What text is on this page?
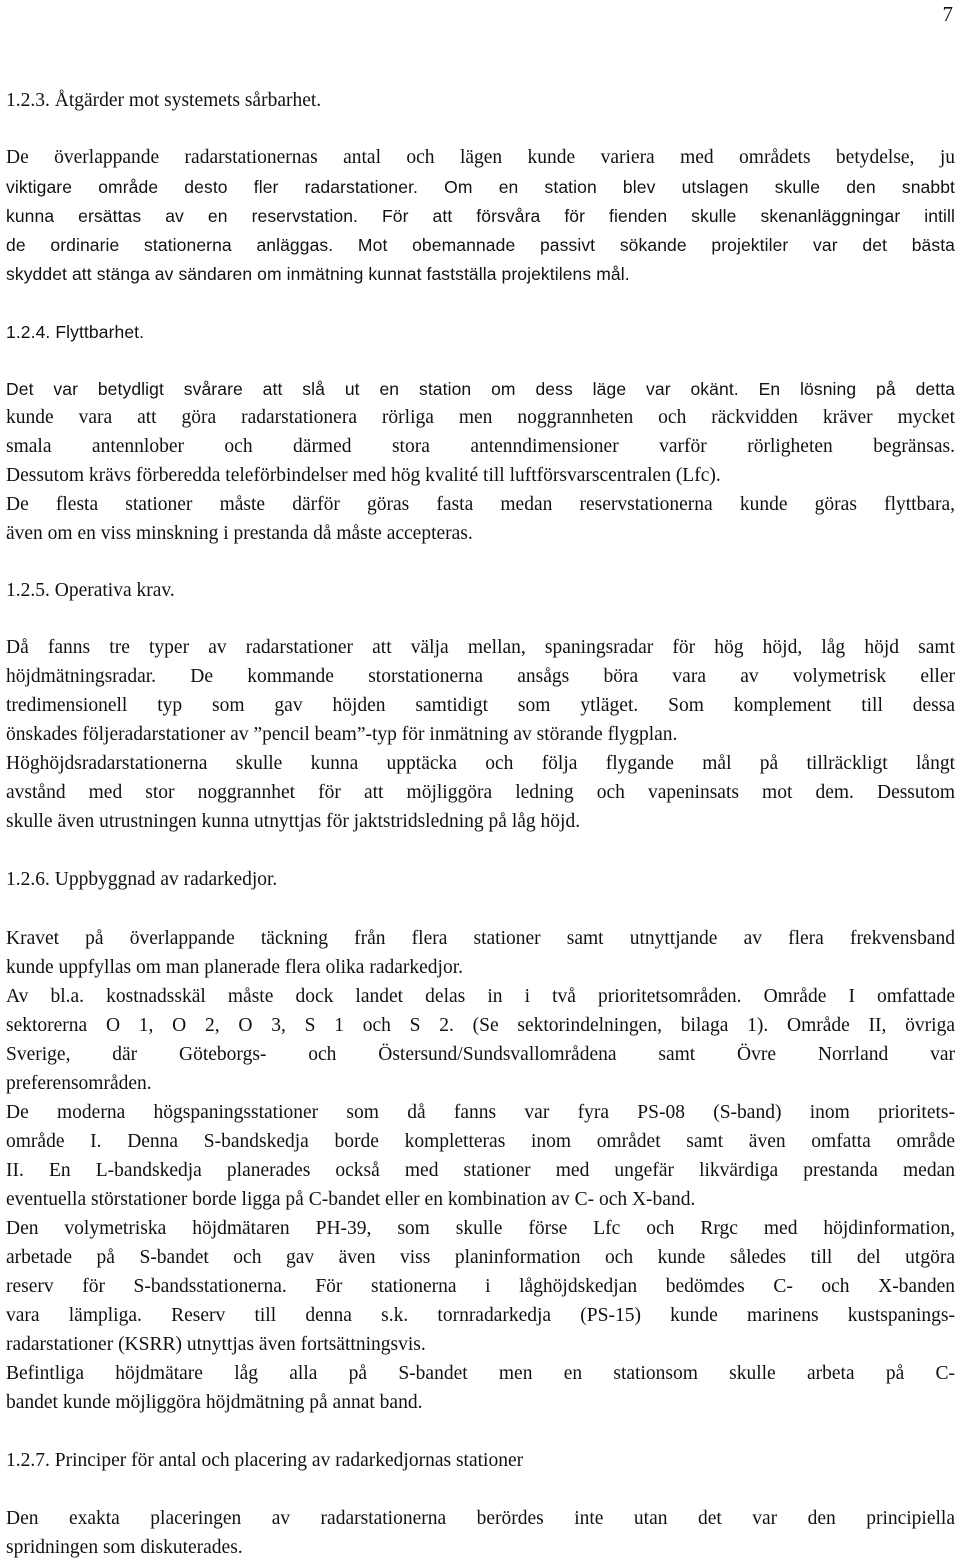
7

1.2.3. Åtgärder mot systemets sårbarhet.

De överlappande radarstationernas antal och lägen kunde variera med områdets betydelse, ju

viktigare område desto fler radarstationer. Om en station blev utslagen skulle den snabbt

kunna ersättas av en reservstation. För att försvåra för fienden skulle skenanläggningar intill

de ordinarie stationerna anläggas. Mot obemannade passivt sökande projektiler var det bästa

skyddet att stänga av sändaren om inmätning kunnat fastställa projektilens mål.

1.2.4. Flyttbarhet.

Det var betydligt svårare att slå ut en station om dess läge var okänt. En lösning på detta

kunde vara att göra radarstationera rörliga men noggrannheten och räckvidden kräver mycket

smala antennlober och därmed stora antenndimensioner varför rörligheten begränsas.

Dessutom krävs förberedda teleförbindelser med hög kvalité till luftförsvarscentralen (Lfc).

De flesta stationer måste därför göras fasta medan reservstationerna kunde göras flyttbara,

även om en viss minskning i prestanda då måste accepteras.

1.2.5. Operativa krav.

Då fanns tre typer av radarstationer att välja mellan, spaningsradar för hög höjd, låg höjd samt

höjdmätningsradar. De kommande storstationerna ansågs böra vara av volymetrisk eller

tredimensionell typ som gav höjden samtidigt som ytläget. Som komplement till dessa

önskades följeradarstationer av ”pencil beam”-typ för inmätning av störande flygplan.

Höghöjdsradarstationerna skulle kunna upptäcka och följa flygande mål på tillräckligt långt

avstånd med stor noggrannhet för att möjliggöra ledning och vapeninsats mot dem. Dessutom

skulle även utrustningen kunna utnyttjas för jaktstridsledning på låg höjd.

1.2.6. Uppbyggnad av radarkedjor.

Kravet på överlappande täckning från flera stationer samt utnyttjande av flera frekvensband

kunde uppfyllas om man planerade flera olika radarkedjor.

Av bl.a. kostnadsskäl måste dock landet delas in i två prioritetsområden. Område I omfattade

sektorerna O 1, O 2, O 3, S 1 och S 2. (Se sektorindelningen, bilaga 1). Område II, övriga

Sverige, där Göteborgs- och Östersund/Sundsvallområdena samt Övre Norrland var

preferensområden.

De moderna högspaningsstationer som då fanns var fyra PS-08 (S-band) inom prioritets-

område I. Denna S-bandskedja borde kompletteras inom området samt även omfatta område

II. En L-bandskedja planerades också med stationer med ungefär likvärdiga prestanda medan

eventuella störstationer borde ligga på C-bandet eller en kombination av C- och X-band.

Den volymetriska höjdmätaren PH-39, som skulle förse Lfc och Rrgc med höjdinformation,

arbetade på S-bandet och gav även viss planinformation och kunde således till del utgöra

reserv för S-bandsstationerna. För stationerna i låghöjdskedjan bedömdes C- och X-banden

vara lämpliga. Reserv till denna s.k. tornradarkedja (PS-15) kunde marinens kustspanings-

radarstationer (KSRR) utnyttjas även fortsättningsvis.

Befintliga höjdmätare låg alla på S-bandet men en stationsom skulle arbeta på C-

bandet kunde möjliggöra höjdmätning på annat band.

1.2.7. Principer för antal och placering av radarkedjornas stationer

Den exakta placeringen av radarstationerna berördes inte utan det var den principiella

spridningen som diskuterades.
